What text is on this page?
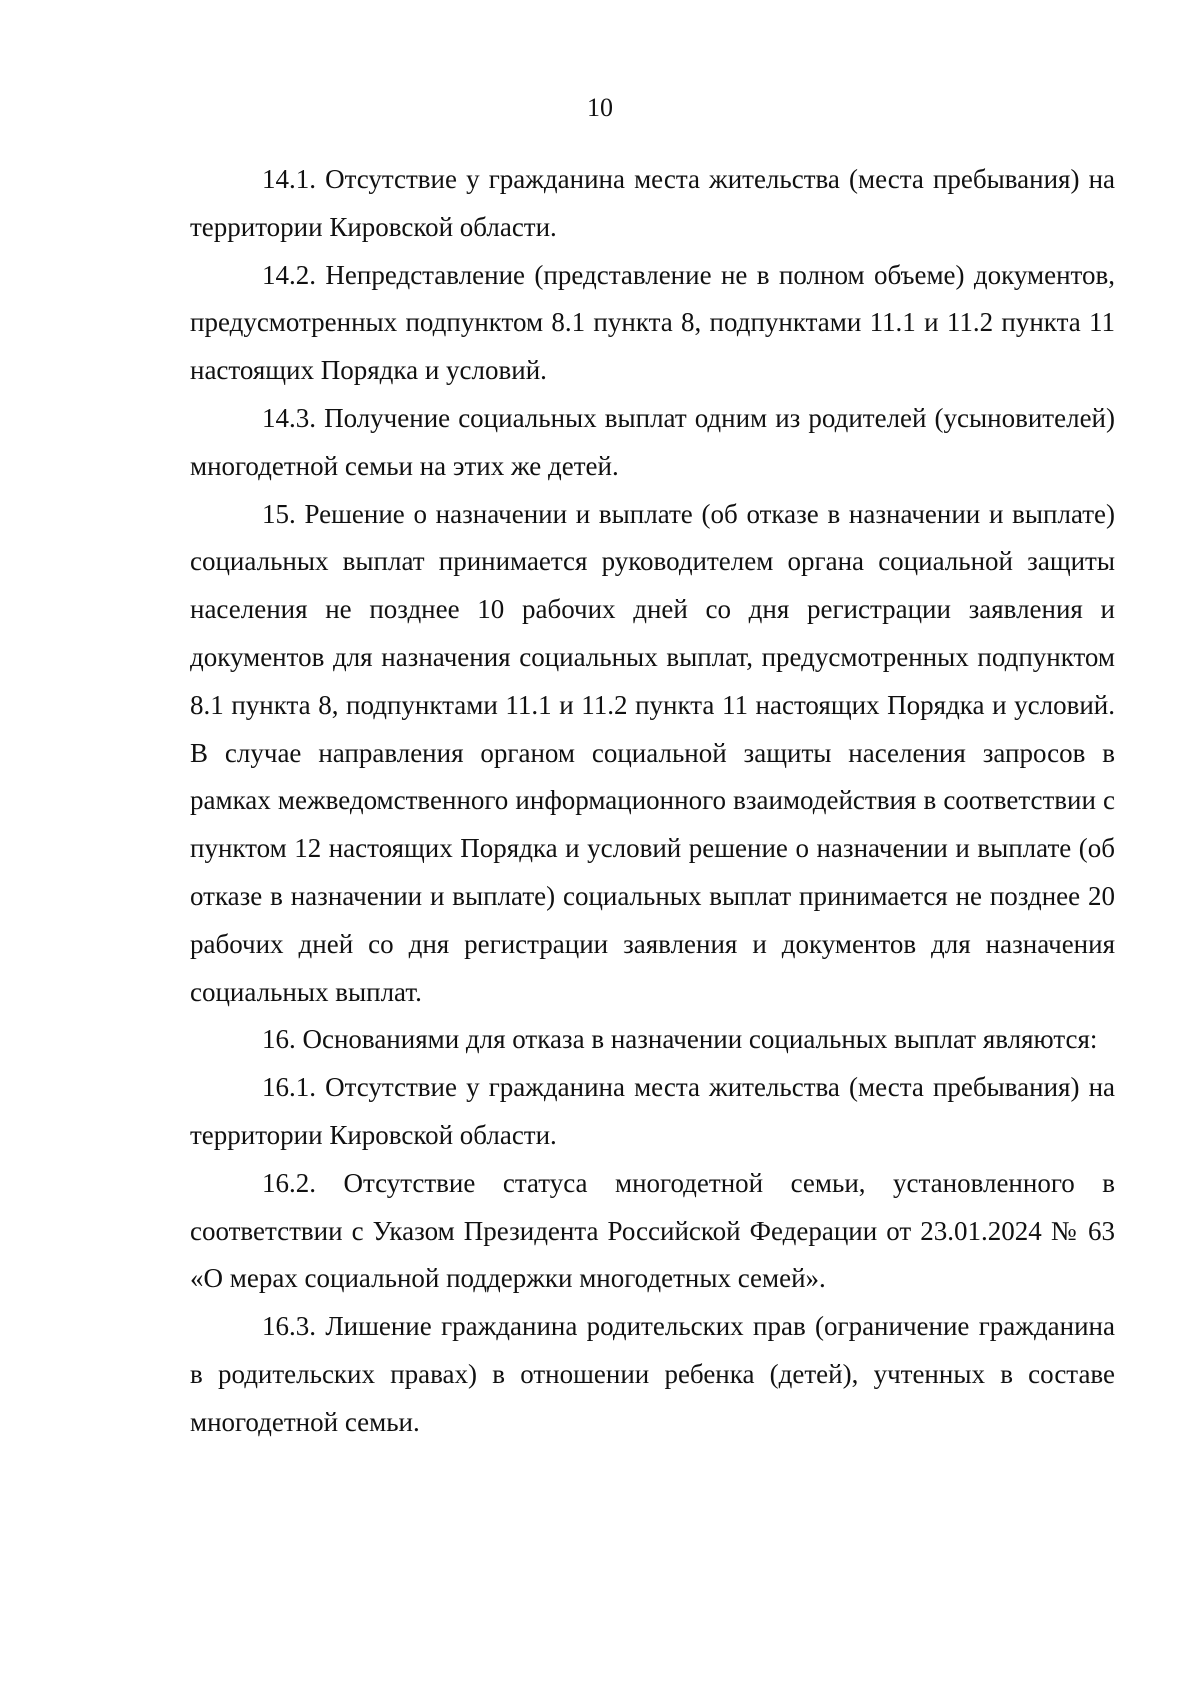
10

14.1. Отсутствие у гражданина места жительства (места пребывания) на территории Кировской области.

14.2. Непредставление (представление не в полном объеме) документов, предусмотренных подпунктом 8.1 пункта 8, подпунктами 11.1 и 11.2 пункта 11 настоящих Порядка и условий.

14.3. Получение социальных выплат одним из родителей (усыновителей) многодетной семьи на этих же детей.

15. Решение о назначении и выплате (об отказе в назначении и выплате) социальных выплат принимается руководителем органа социальной защиты населения не позднее 10 рабочих дней со дня регистрации заявления и документов для назначения социальных выплат, предусмотренных подпунктом 8.1 пункта 8, подпунктами 11.1 и 11.2 пункта 11 настоящих Порядка и условий. В случае направления органом социальной защиты населения запросов в рамках межведомственного информационного взаимодействия в соответствии с пунктом 12 настоящих Порядка и условий решение о назначении и выплате (об отказе в назначении и выплате) социальных выплат принимается не позднее 20 рабочих дней со дня регистрации заявления и документов для назначения социальных выплат.

16. Основаниями для отказа в назначении социальных выплат являются:

16.1. Отсутствие у гражданина места жительства (места пребывания) на территории Кировской области.

16.2. Отсутствие статуса многодетной семьи, установленного в соответствии с Указом Президента Российской Федерации от 23.01.2024 № 63 «О мерах социальной поддержки многодетных семей».

16.3. Лишение гражданина родительских прав (ограничение гражданина в родительских правах) в отношении ребенка (детей), учтенных в составе многодетной семьи.
